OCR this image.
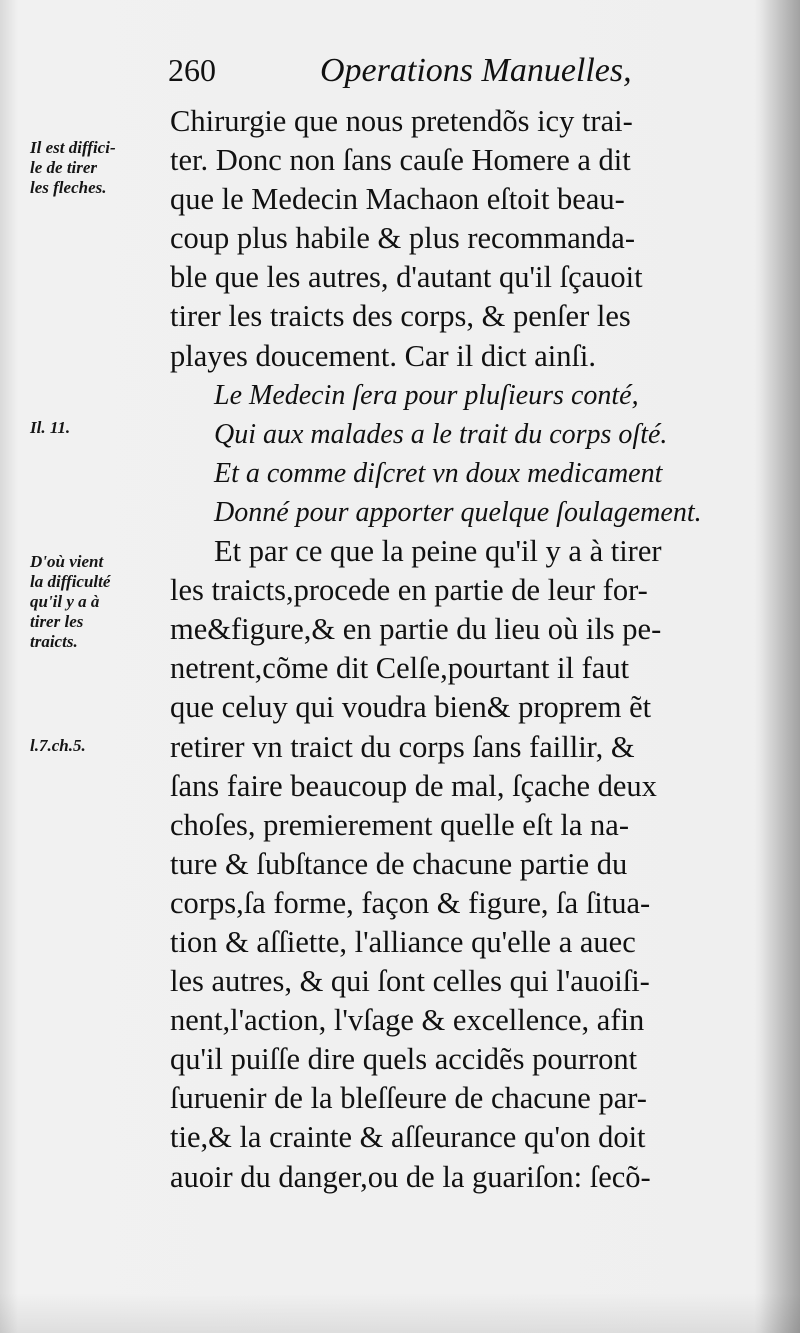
260	Operations Manuelles,
Il est diffici-
le de tirer
les fleches.
Il. 11.
D'où vient
la difficulté
qu'il y a à
tirer les
traicts.
l.7.ch.5.
Chirurgie que nous pretendõs icy trai-
ter. Donc non ſans cauſe Homere a dit
que le Medecin Machaon eſtoit beau-
coup plus habile & plus recommanda-
ble que les autres, d'autant qu'il ſçauoit
tirer les traicts des corps, & penſer les
playes doucement. Car il dict ainſi.
Le Medecin ſera pour pluſieurs conté,
Qui aux malades a le trait du corps oſté.
Et a comme diſcret vn doux medicament
Donné pour apporter quelque ſoulagement.
Et par ce que la peine qu'il y a à tirer
les traicts,procede en partie de leur for-
me&figure,& en partie du lieu où ils pe-
netrent,cõme dit Celſe,pourtant il faut
que celuy qui voudra bien& proprem ẽt
retirer vn traict du corps ſans faillir, &
ſans faire beaucoup de mal, ſçache deux
choſes, premierement quelle eſt la na-
ture & ſubſtance de chacune partie du
corps,ſa forme, façon & figure, ſa ſitua-
tion & aſſiette, l'alliance qu'elle a auec
les autres, & qui ſont celles qui l'auoiſi-
nent,l'action, l'vſage & excellence, afin
qu'il puiſſe dire quels accidẽs pourront
ſuruenir de la bleſſeure de chacune par-
tie,& la crainte & aſſeurance qu'on doit
auoir du danger,ou de la guariſon: ſecõ-
